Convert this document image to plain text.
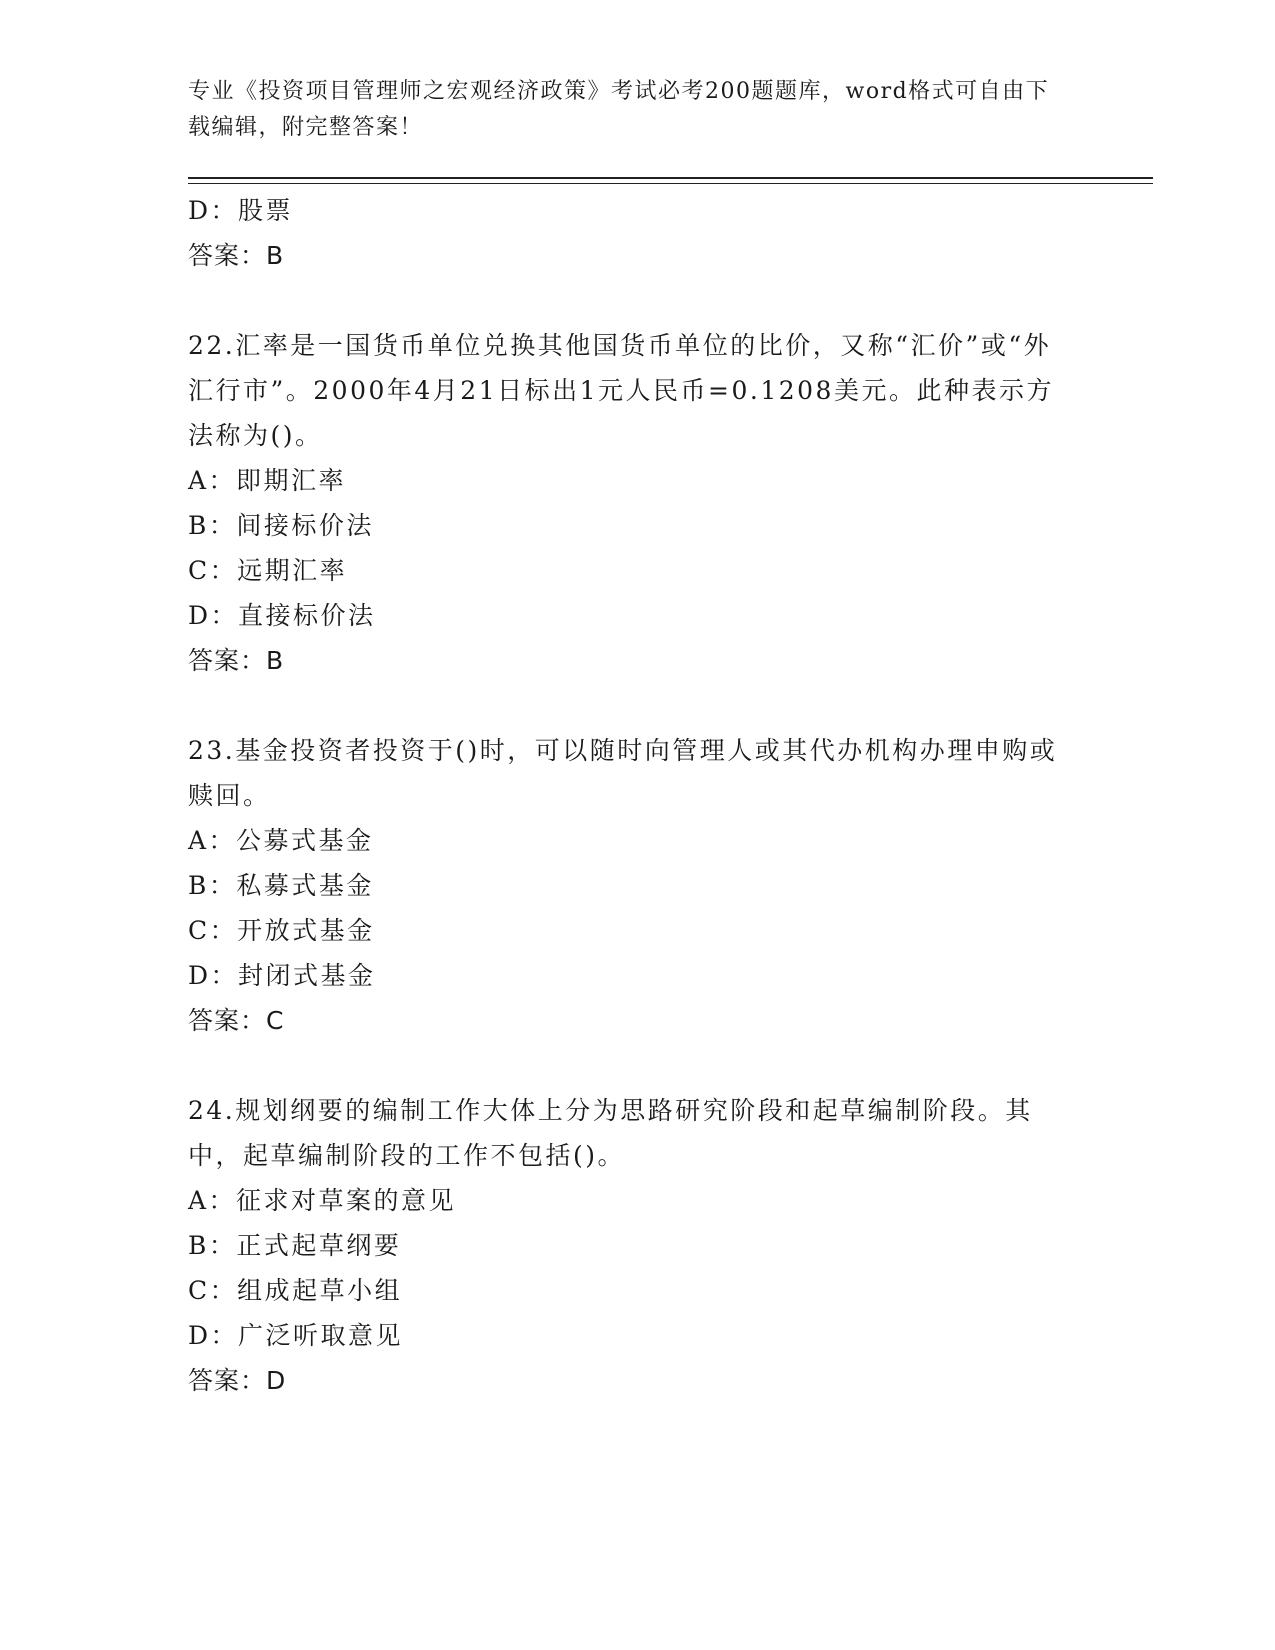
专业《投资项目管理师之宏观经济政策》考试必考200题题库，word格式可自由下载编辑，附完整答案！
D：股票
答案：B
22.汇率是一国货币单位兑换其他国货币单位的比价，又称“汇价”或“外汇行市”。2000年4月21日标出1元人民币=0.1208美元。此种表示方法称为()。
A：即期汇率
B：间接标价法
C：远期汇率
D：直接标价法
答案：B
23.基金投资者投资于()时，可以随时向管理人或其代办机构办理申购或赎回。
A：公募式基金
B：私募式基金
C：开放式基金
D：封闭式基金
答案：C
24.规划纲要的编制工作大体上分为思路研究阶段和起草编制阶段。其中，起草编制阶段的工作不包括()。
A：征求对草案的意见
B：正式起草纲要
C：组成起草小组
D：广泛听取意见
答案：D
